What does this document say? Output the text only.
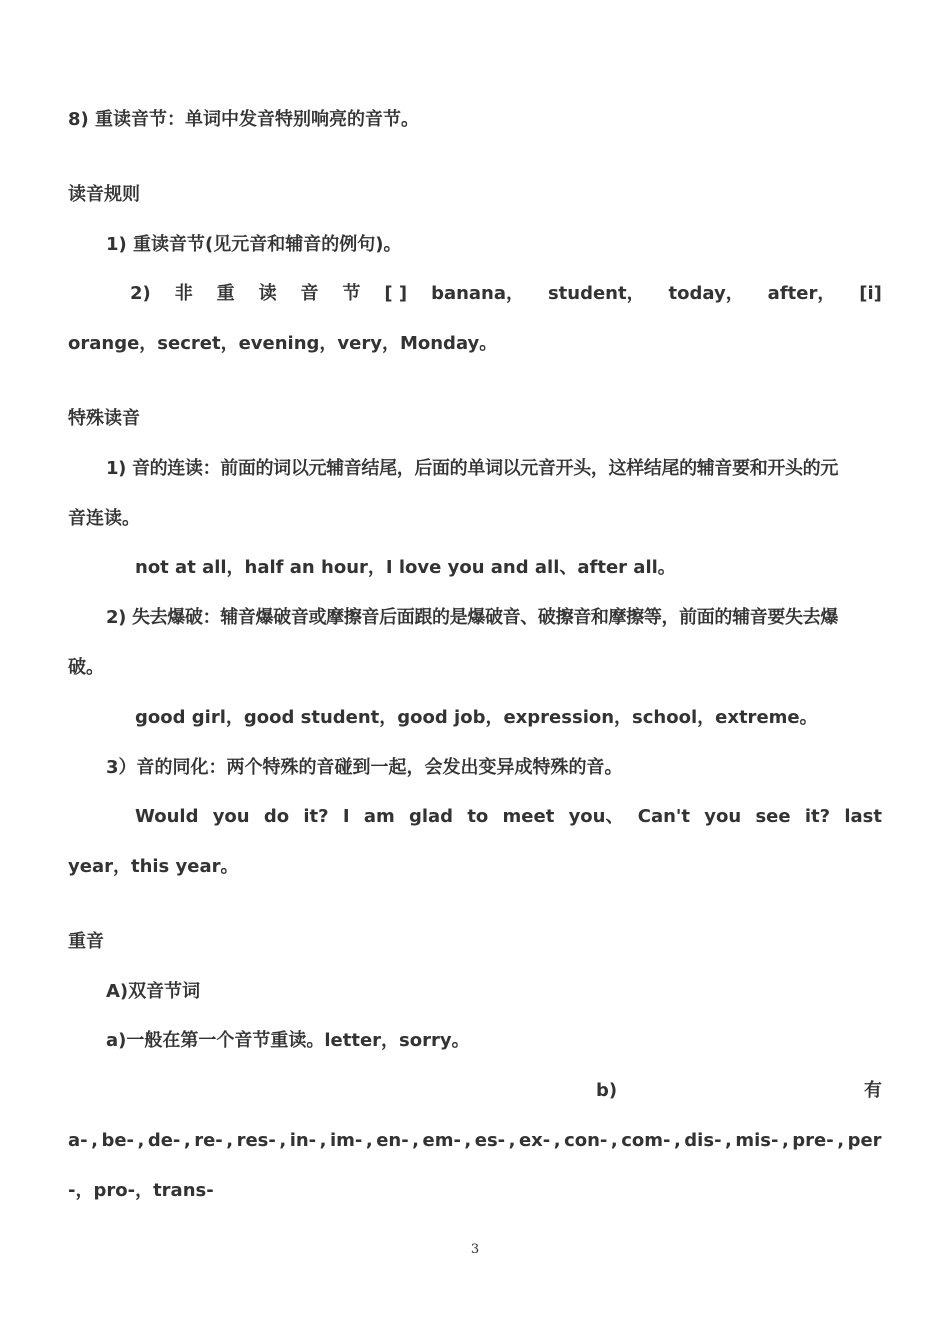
8) 重读音节：单词中发音特别响亮的音节。
读音规则
1) 重读音节(见元音和辅音的例句)。
2) 非 重 读 音 节 [ ] banana， student， today， after， [i]
orange，secret，evening，very，Monday。
特殊读音
1) 音的连读：前面的词以元辅音结尾，后面的单词以元音开头，这样结尾的辅音要和开头的元
音连读。
not at all，half an hour，I love you and all、after all。
2) 失去爆破：辅音爆破音或摩擦音后面跟的是爆破音、破擦音和摩擦等，前面的辅音要失去爆
破。
good girl，good student，good job，expression，school，extreme。
3）音的同化：两个特殊的音碰到一起，会发出变异成特殊的音。
Would you do it? I am glad to meet you、 Can't you see it? last
year，this year。
重音
A)双音节词
a)一般在第一个音节重读。letter，sorry。
b)	有
a- , be- , de- , re- , res- , in- , im- , en- , em- , es- , ex- , con- , com- , dis- , mis- , pre- , per
-，pro-，trans-
3
